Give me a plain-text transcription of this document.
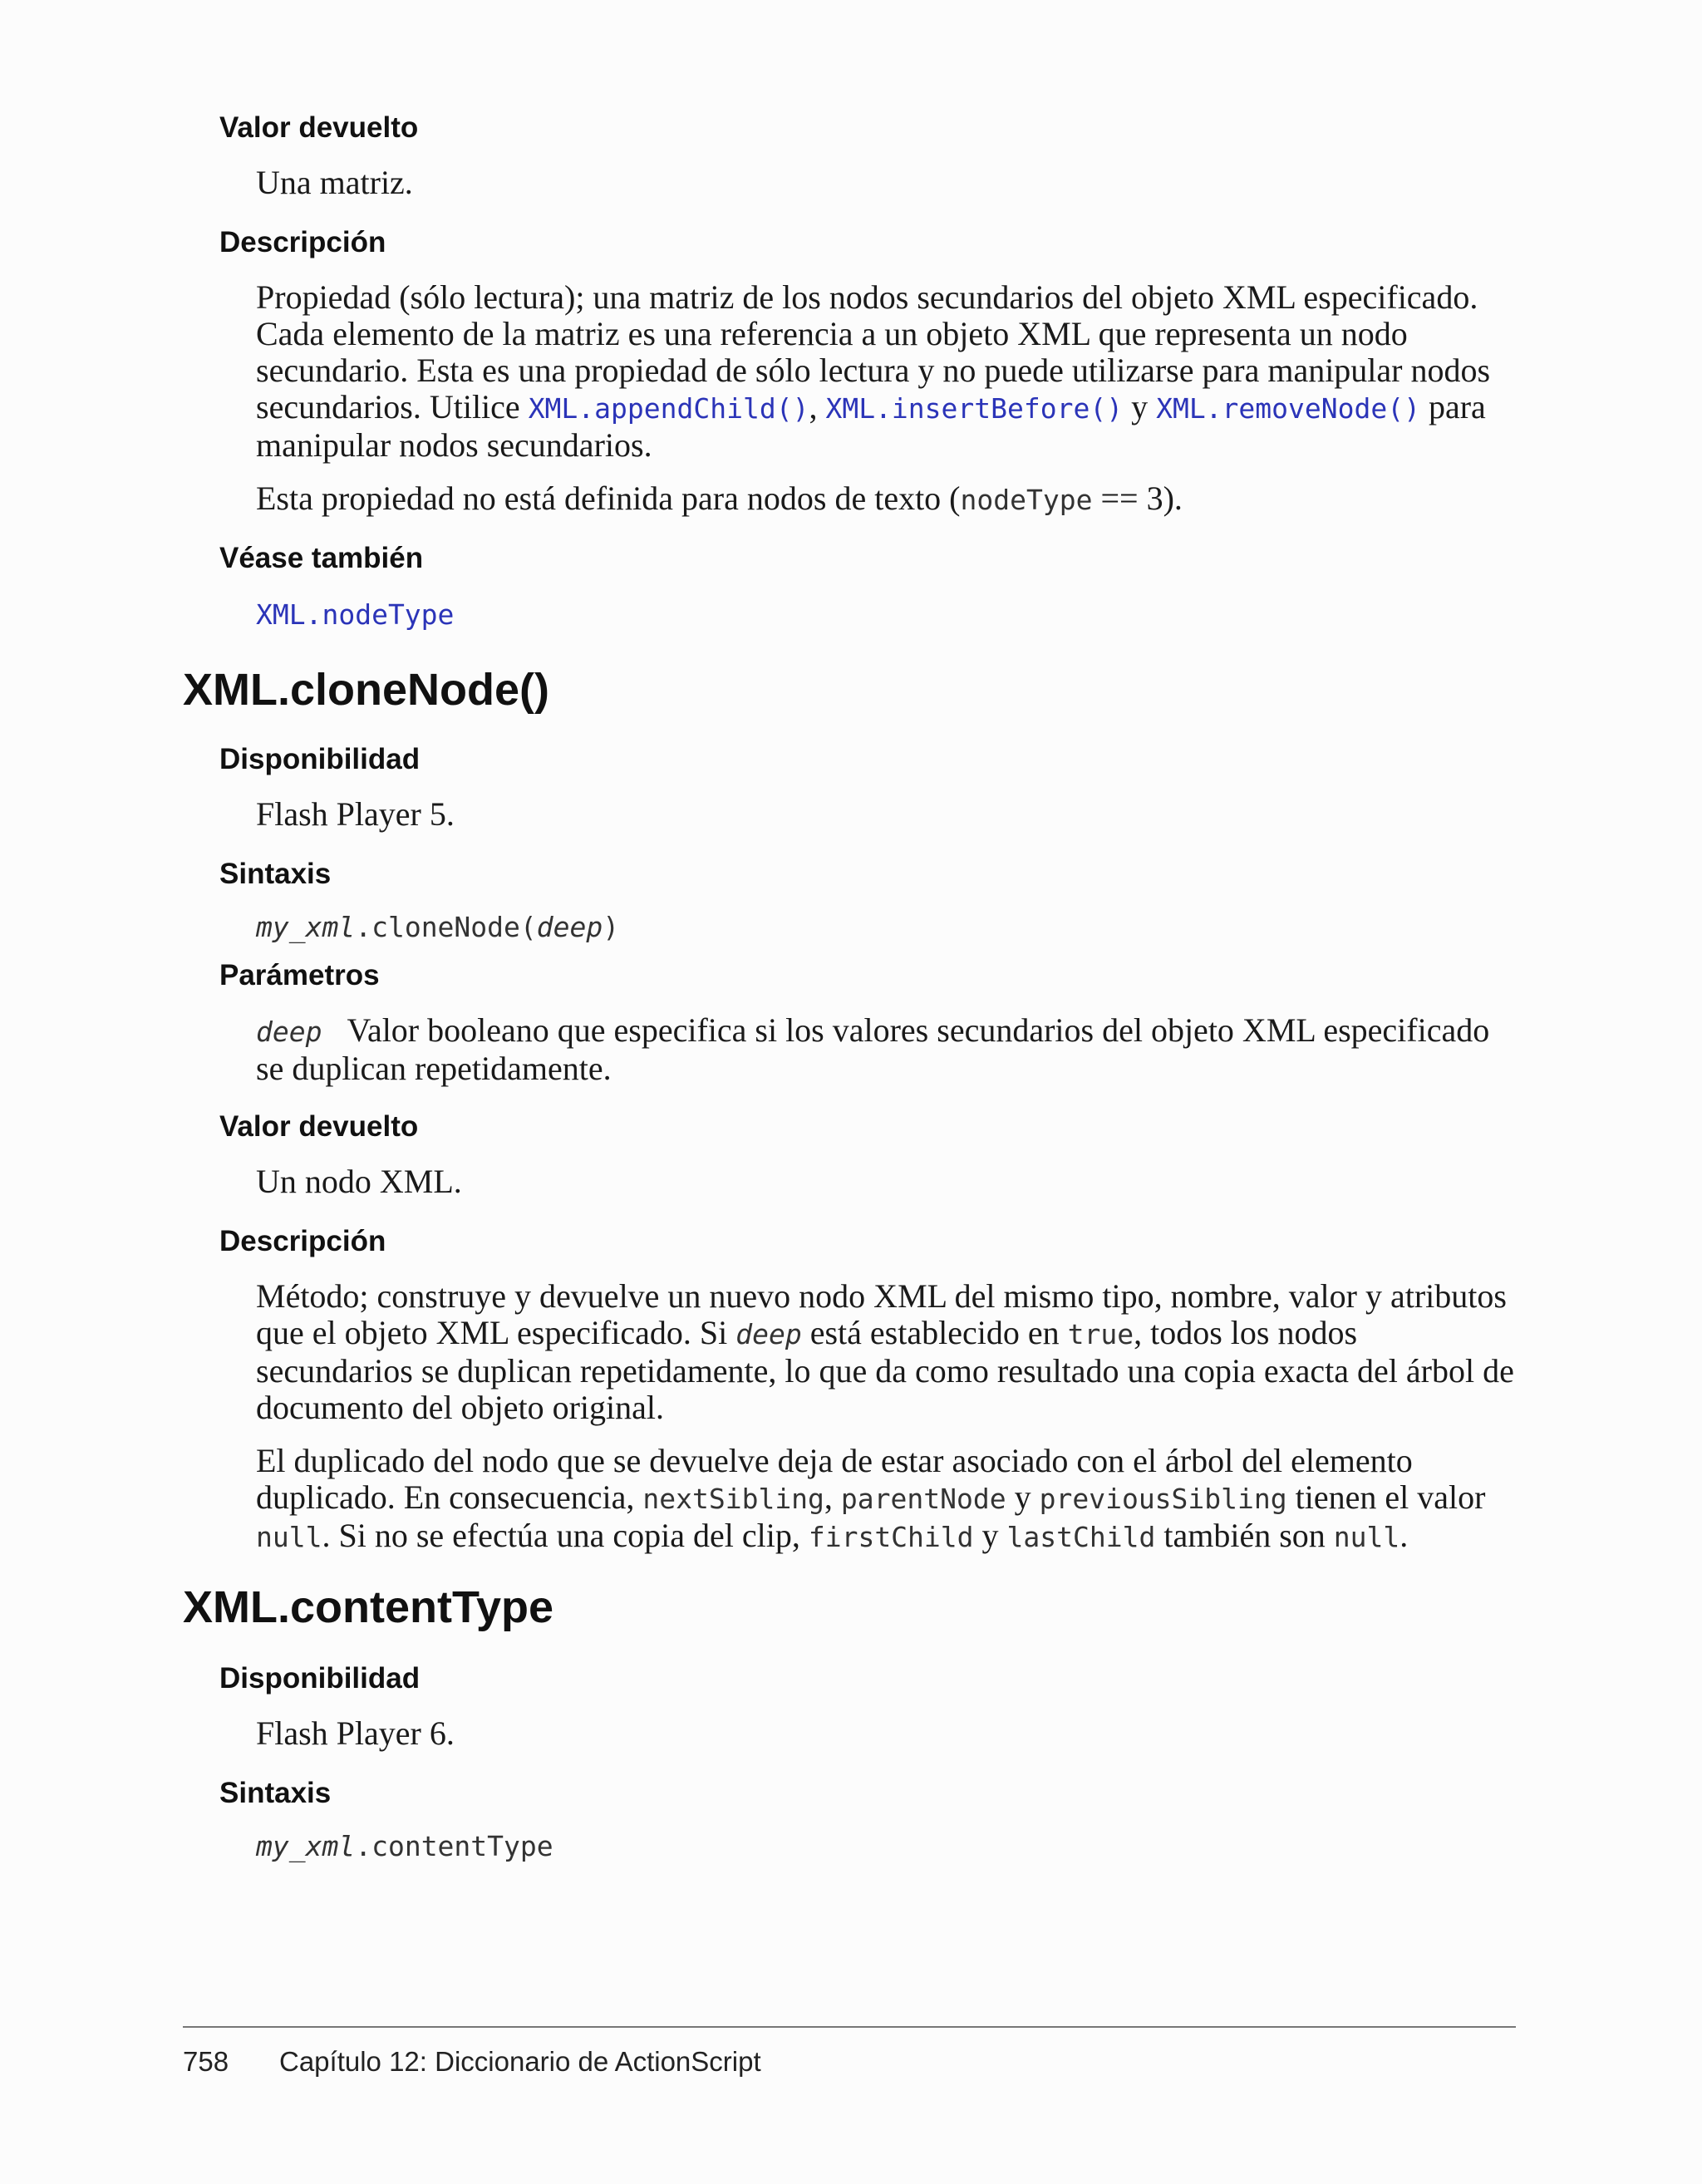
Valor devuelto
Una matriz.
Descripción
Propiedad (sólo lectura); una matriz de los nodos secundarios del objeto XML especificado. Cada elemento de la matriz es una referencia a un objeto XML que representa un nodo secundario. Esta es una propiedad de sólo lectura y no puede utilizarse para manipular nodos secundarios. Utilice XML.appendChild(), XML.insertBefore() y XML.removeNode() para manipular nodos secundarios.
Esta propiedad no está definida para nodos de texto (nodeType == 3).
Véase también
XML.nodeType
XML.cloneNode()
Disponibilidad
Flash Player 5.
Sintaxis
my_xml.cloneNode(deep)
Parámetros
deep Valor booleano que especifica si los valores secundarios del objeto XML especificado se duplican repetidamente.
Valor devuelto
Un nodo XML.
Descripción
Método; construye y devuelve un nuevo nodo XML del mismo tipo, nombre, valor y atributos que el objeto XML especificado. Si deep está establecido en true, todos los nodos secundarios se duplican repetidamente, lo que da como resultado una copia exacta del árbol de documento del objeto original.
El duplicado del nodo que se devuelve deja de estar asociado con el árbol del elemento duplicado. En consecuencia, nextSibling, parentNode y previousSibling tienen el valor null. Si no se efectúa una copia del clip, firstChild y lastChild también son null.
XML.contentType
Disponibilidad
Flash Player 6.
Sintaxis
my_xml.contentType
758 Capítulo 12: Diccionario de ActionScript
